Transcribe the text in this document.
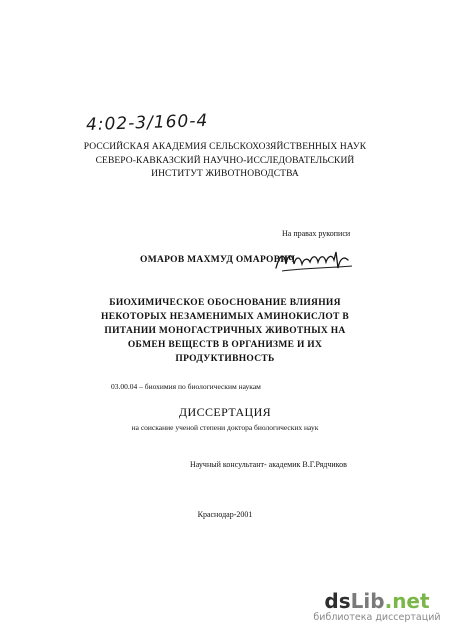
4:02-3/160-4
РОССИЙСКАЯ АКАДЕМИЯ СЕЛЬСКОХОЗЯЙСТВЕННЫХ НАУК
СЕВЕРО-КАВКАЗСКИЙ НАУЧНО-ИССЛЕДОВАТЕЛЬСКИЙ
ИНСТИТУТ ЖИВОТНОВОДСТВА
На правах рукописи
ОМАРОВ МАХМУД ОМАРОВИЧ
БИОХИМИЧЕСКОЕ ОБОСНОВАНИЕ ВЛИЯНИЯ
НЕКОТОРЫХ НЕЗАМЕНИМЫХ АМИНОКИСЛОТ В
ПИТАНИИ МОНОГАСТРИЧНЫХ ЖИВОТНЫХ НА
ОБМЕН ВЕЩЕСТВ В ОРГАНИЗМЕ И ИХ
ПРОДУКТИВНОСТЬ
03.00.04 – биохимия по биологическим наукам
ДИССЕРТАЦИЯ
на соискание ученой степени доктора биологических наук
Научный консультант- академик В.Г.Рядчиков
Краснодар-2001
dsLib.net
библиотека диссертаций
